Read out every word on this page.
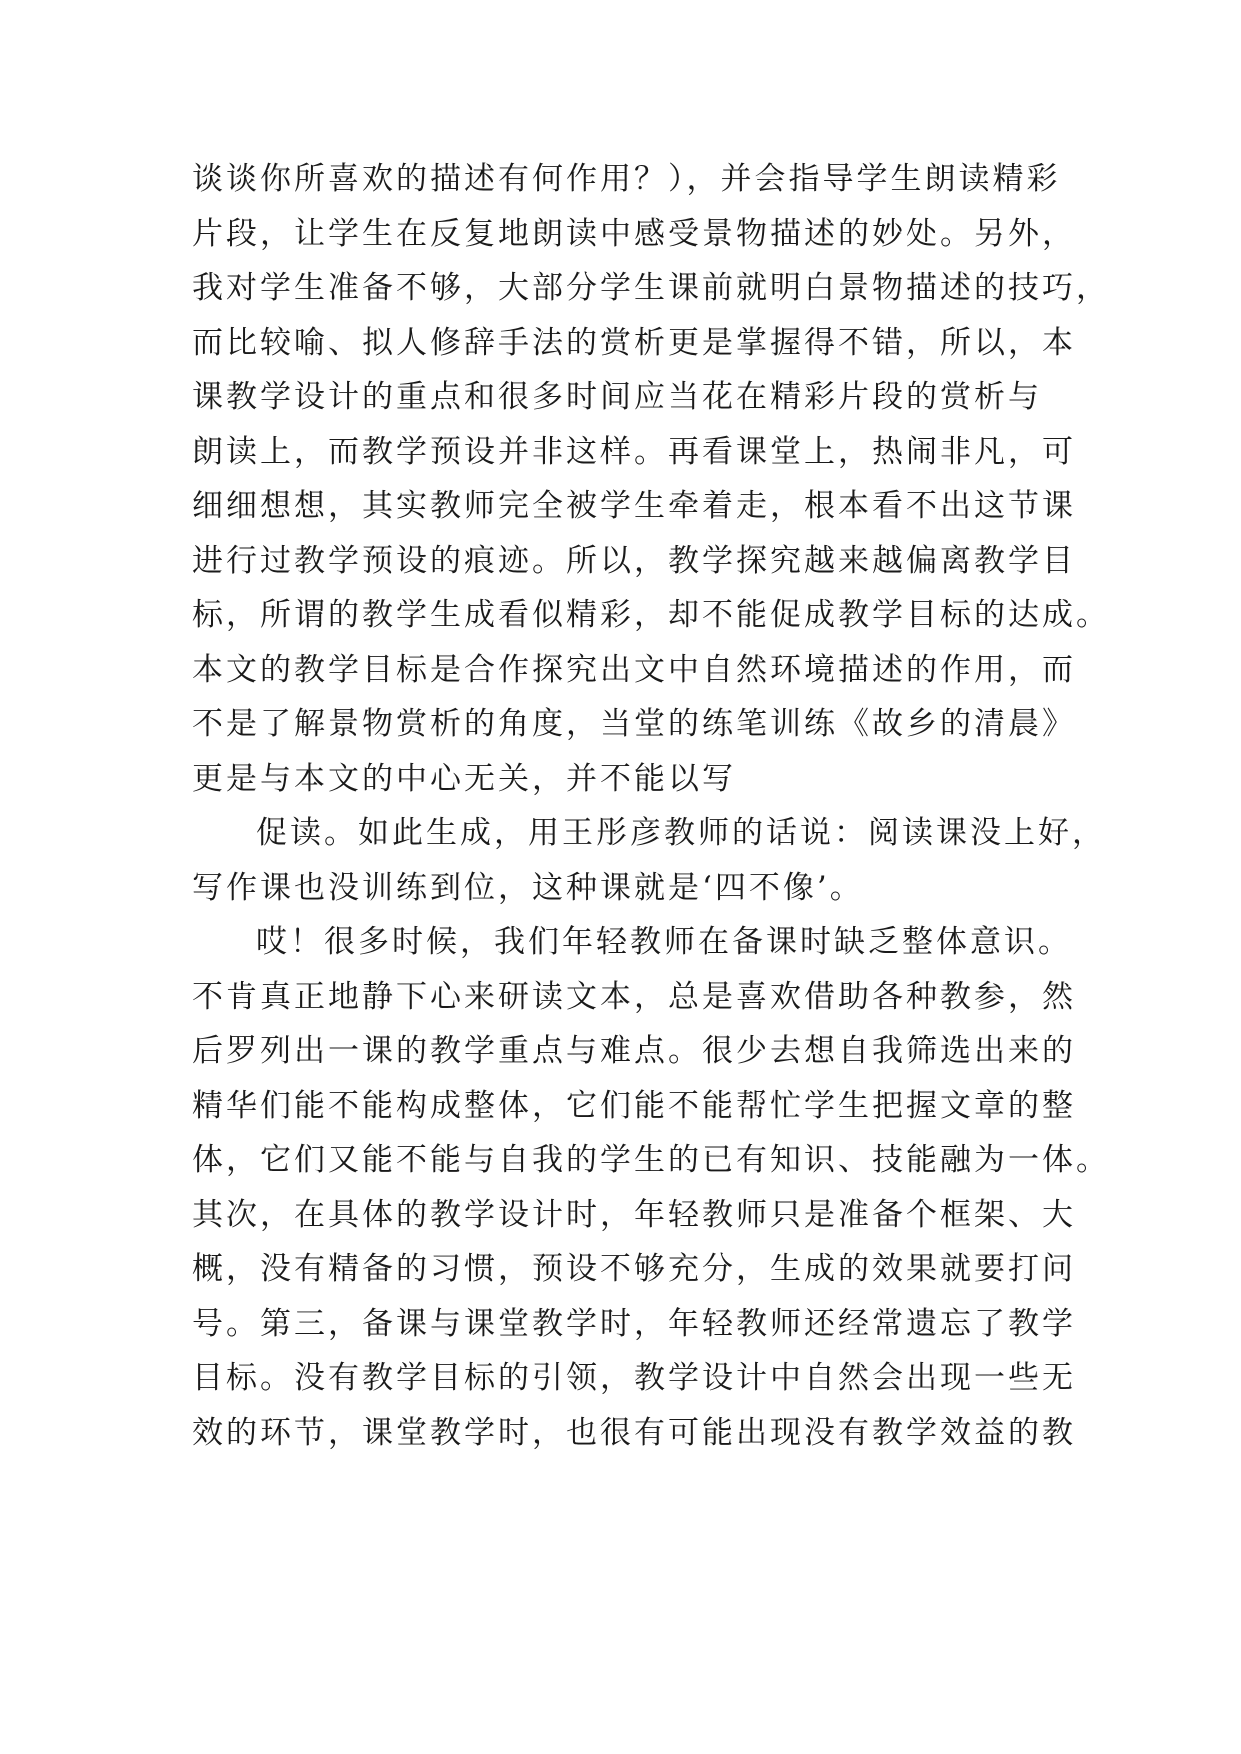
谈谈你所喜欢的描述有何作用？），并会指导学生朗读精彩
片段，让学生在反复地朗读中感受景物描述的妙处。另外，
我对学生准备不够，大部分学生课前就明白景物描述的技巧，
而比较喻、拟人修辞手法的赏析更是掌握得不错，所以，本
课教学设计的重点和很多时间应当花在精彩片段的赏析与
朗读上，而教学预设并非这样。再看课堂上，热闹非凡，可
细细想想，其实教师完全被学生牵着走，根本看不出这节课
进行过教学预设的痕迹。所以，教学探究越来越偏离教学目
标，所谓的教学生成看似精彩，却不能促成教学目标的达成。
本文的教学目标是合作探究出文中自然环境描述的作用，而
不是了解景物赏析的角度，当堂的练笔训练《故乡的清晨》
更是与本文的中心无关，并不能以写
促读。如此生成，用王彤彦教师的话说：阅读课没上好，
写作课也没训练到位，这种课就是‘四不像’。
哎！很多时候，我们年轻教师在备课时缺乏整体意识。
不肯真正地静下心来研读文本，总是喜欢借助各种教参，然
后罗列出一课的教学重点与难点。很少去想自我筛选出来的
精华们能不能构成整体，它们能不能帮忙学生把握文章的整
体，它们又能不能与自我的学生的已有知识、技能融为一体。
其次，在具体的教学设计时，年轻教师只是准备个框架、大
概，没有精备的习惯，预设不够充分，生成的效果就要打问
号。第三，备课与课堂教学时，年轻教师还经常遗忘了教学
目标。没有教学目标的引领，教学设计中自然会出现一些无
效的环节，课堂教学时，也很有可能出现没有教学效益的教
